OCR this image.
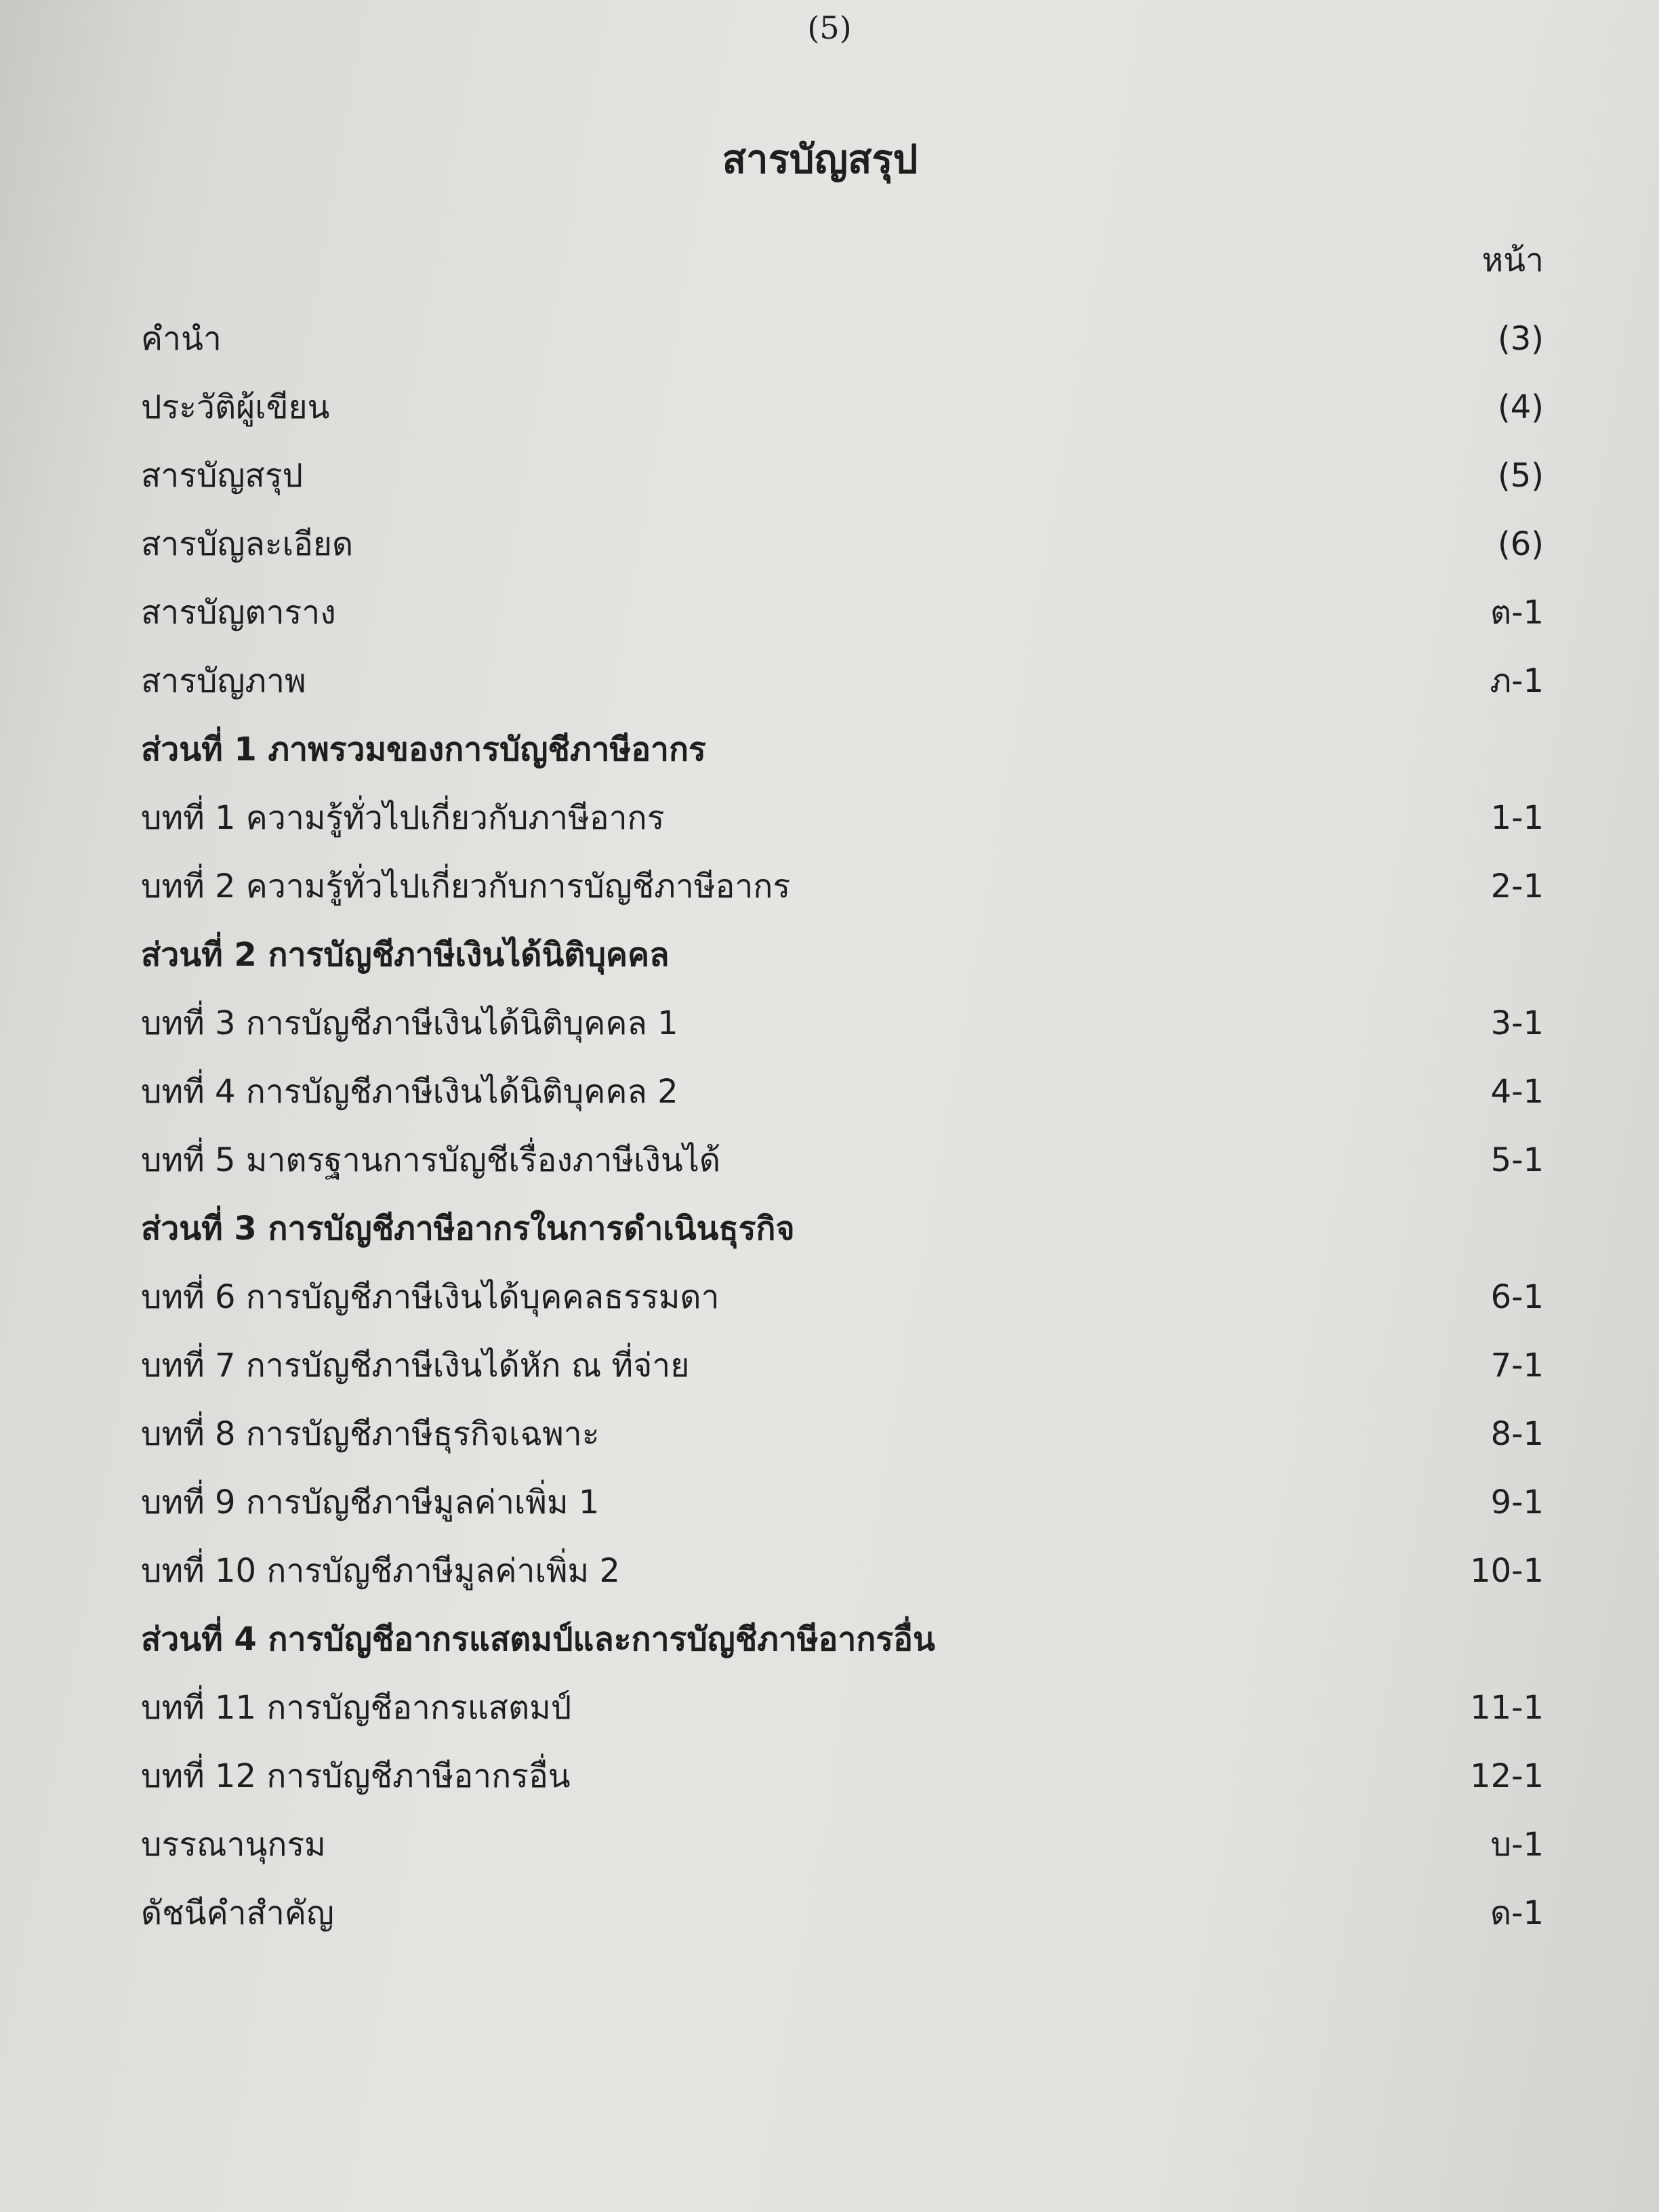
(5)
สารบัญสรุป
หน้า
คำนำ	(3)
ประวัติผู้เขียน	(4)
สารบัญสรุป	(5)
สารบัญละเอียด	(6)
สารบัญตาราง	ต-1
สารบัญภาพ	ภ-1
ส่วนที่ 1 ภาพรวมของการบัญชีภาษีอากร
บทที่ 1 ความรู้ทั่วไปเกี่ยวกับภาษีอากร	1-1
บทที่ 2 ความรู้ทั่วไปเกี่ยวกับการบัญชีภาษีอากร	2-1
ส่วนที่ 2 การบัญชีภาษีเงินได้นิติบุคคล
บทที่ 3 การบัญชีภาษีเงินได้นิติบุคคล 1	3-1
บทที่ 4 การบัญชีภาษีเงินได้นิติบุคคล 2	4-1
บทที่ 5 มาตรฐานการบัญชีเรื่องภาษีเงินได้	5-1
ส่วนที่ 3 การบัญชีภาษีอากรในการดำเนินธุรกิจ
บทที่ 6 การบัญชีภาษีเงินได้บุคคลธรรมดา	6-1
บทที่ 7 การบัญชีภาษีเงินได้หัก ณ ที่จ่าย	7-1
บทที่ 8 การบัญชีภาษีธุรกิจเฉพาะ	8-1
บทที่ 9 การบัญชีภาษีมูลค่าเพิ่ม 1	9-1
บทที่ 10 การบัญชีภาษีมูลค่าเพิ่ม 2	10-1
ส่วนที่ 4 การบัญชีอากรแสตมป์และการบัญชีภาษีอากรอื่น
บทที่ 11 การบัญชีอากรแสตมป์	11-1
บทที่ 12 การบัญชีภาษีอากรอื่น	12-1
บรรณานุกรม	บ-1
ดัชนีคำสำคัญ	ด-1
